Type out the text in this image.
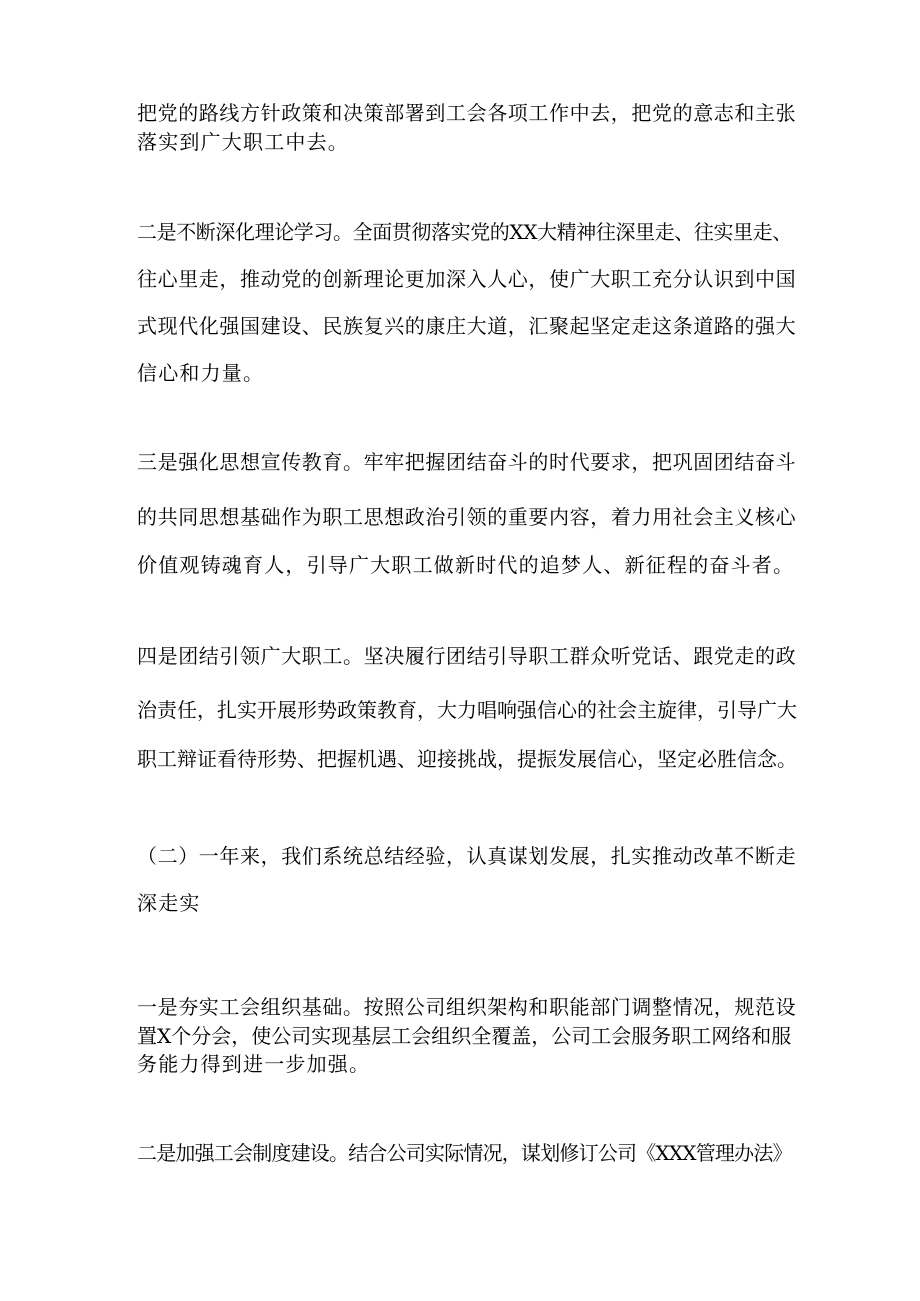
把党的路线方针政策和决策部署到工会各项工作中去，把党的意志和主张
落实到广大职工中去。
二是不断深化理论学习。全面贯彻落实党的XX大精神往深里走、往实里走、
往心里走，推动党的创新理论更加深入人心，使广大职工充分认识到中国
式现代化强国建设、民族复兴的康庄大道，汇聚起坚定走这条道路的强大
信心和力量。
三是强化思想宣传教育。牢牢把握团结奋斗的时代要求，把巩固团结奋斗
的共同思想基础作为职工思想政治引领的重要内容，着力用社会主义核心
价值观铸魂育人，引导广大职工做新时代的追梦人、新征程的奋斗者。
四是团结引领广大职工。坚决履行团结引导职工群众听党话、跟党走的政
治责任，扎实开展形势政策教育，大力唱响强信心的社会主旋律，引导广大
职工辩证看待形势、把握机遇、迎接挑战，提振发展信心，坚定必胜信念。
（二）一年来，我们系统总结经验，认真谋划发展，扎实推动改革不断走
深走实
一是夯实工会组织基础。按照公司组织架构和职能部门调整情况，规范设
置X个分会，使公司实现基层工会组织全覆盖，公司工会服务职工网络和服
务能力得到进一步加强。
二是加强工会制度建设。结合公司实际情况，谋划修订公司《XXX管理办法》
